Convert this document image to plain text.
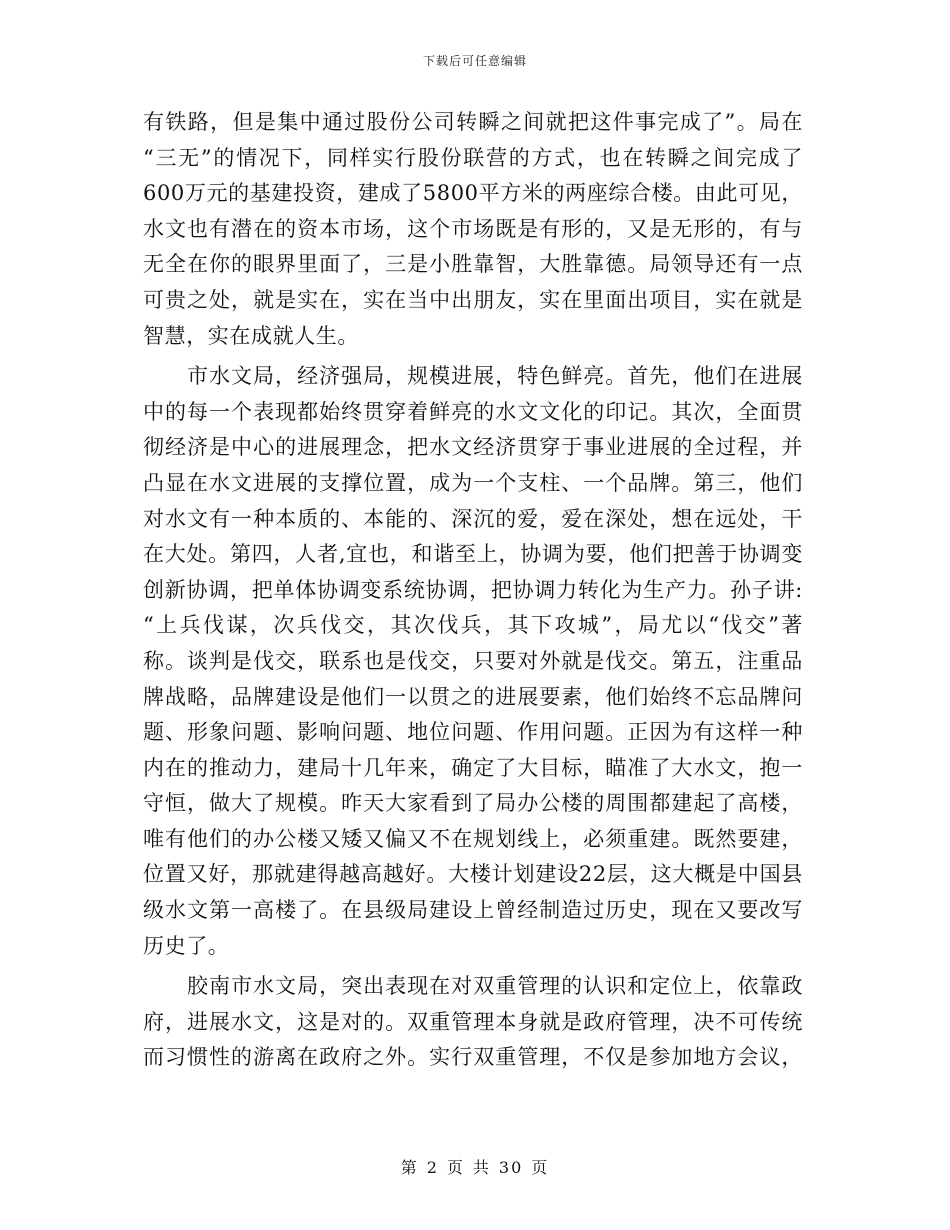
下载后可任意编辑
有铁路，但是集中通过股份公司转瞬之间就把这件事完成了”。局在
“三无”的情况下，同样实行股份联营的方式，也在转瞬之间完成了
600万元的基建投资，建成了5800平方米的两座综合楼。由此可见，
水文也有潜在的资本市场，这个市场既是有形的，又是无形的，有与
无全在你的眼界里面了，三是小胜靠智，大胜靠德。局领导还有一点
可贵之处，就是实在，实在当中出朋友，实在里面出项目，实在就是
智慧，实在成就人生。
市水文局，经济强局，规模进展，特色鲜亮。首先，他们在进展
中的每一个表现都始终贯穿着鲜亮的水文文化的印记。其次，全面贯
彻经济是中心的进展理念，把水文经济贯穿于事业进展的全过程，并
凸显在水文进展的支撑位置，成为一个支柱、一个品牌。第三，他们
对水文有一种本质的、本能的、深沉的爱，爱在深处，想在远处，干
在大处。第四，人者,宜也，和谐至上，协调为要，他们把善于协调变
创新协调，把单体协调变系统协调，把协调力转化为生产力。孙子讲:
“上兵伐谋，次兵伐交，其次伐兵，其下攻城”，局尤以“伐交”著
称。谈判是伐交，联系也是伐交，只要对外就是伐交。第五，注重品
牌战略，品牌建设是他们一以贯之的进展要素，他们始终不忘品牌问
题、形象问题、影响问题、地位问题、作用问题。正因为有这样一种
内在的推动力，建局十几年来，确定了大目标，瞄准了大水文，抱一
守恒，做大了规模。昨天大家看到了局办公楼的周围都建起了高楼，
唯有他们的办公楼又矮又偏又不在规划线上，必须重建。既然要建，
位置又好，那就建得越高越好。大楼计划建设22层，这大概是中国县
级水文第一高楼了。在县级局建设上曾经制造过历史，现在又要改写
历史了。
胶南市水文局，突出表现在对双重管理的认识和定位上，依靠政
府，进展水文，这是对的。双重管理本身就是政府管理，决不可传统
而习惯性的游离在政府之外。实行双重管理，不仅是参加地方会议，
第 2 页 共 30 页
